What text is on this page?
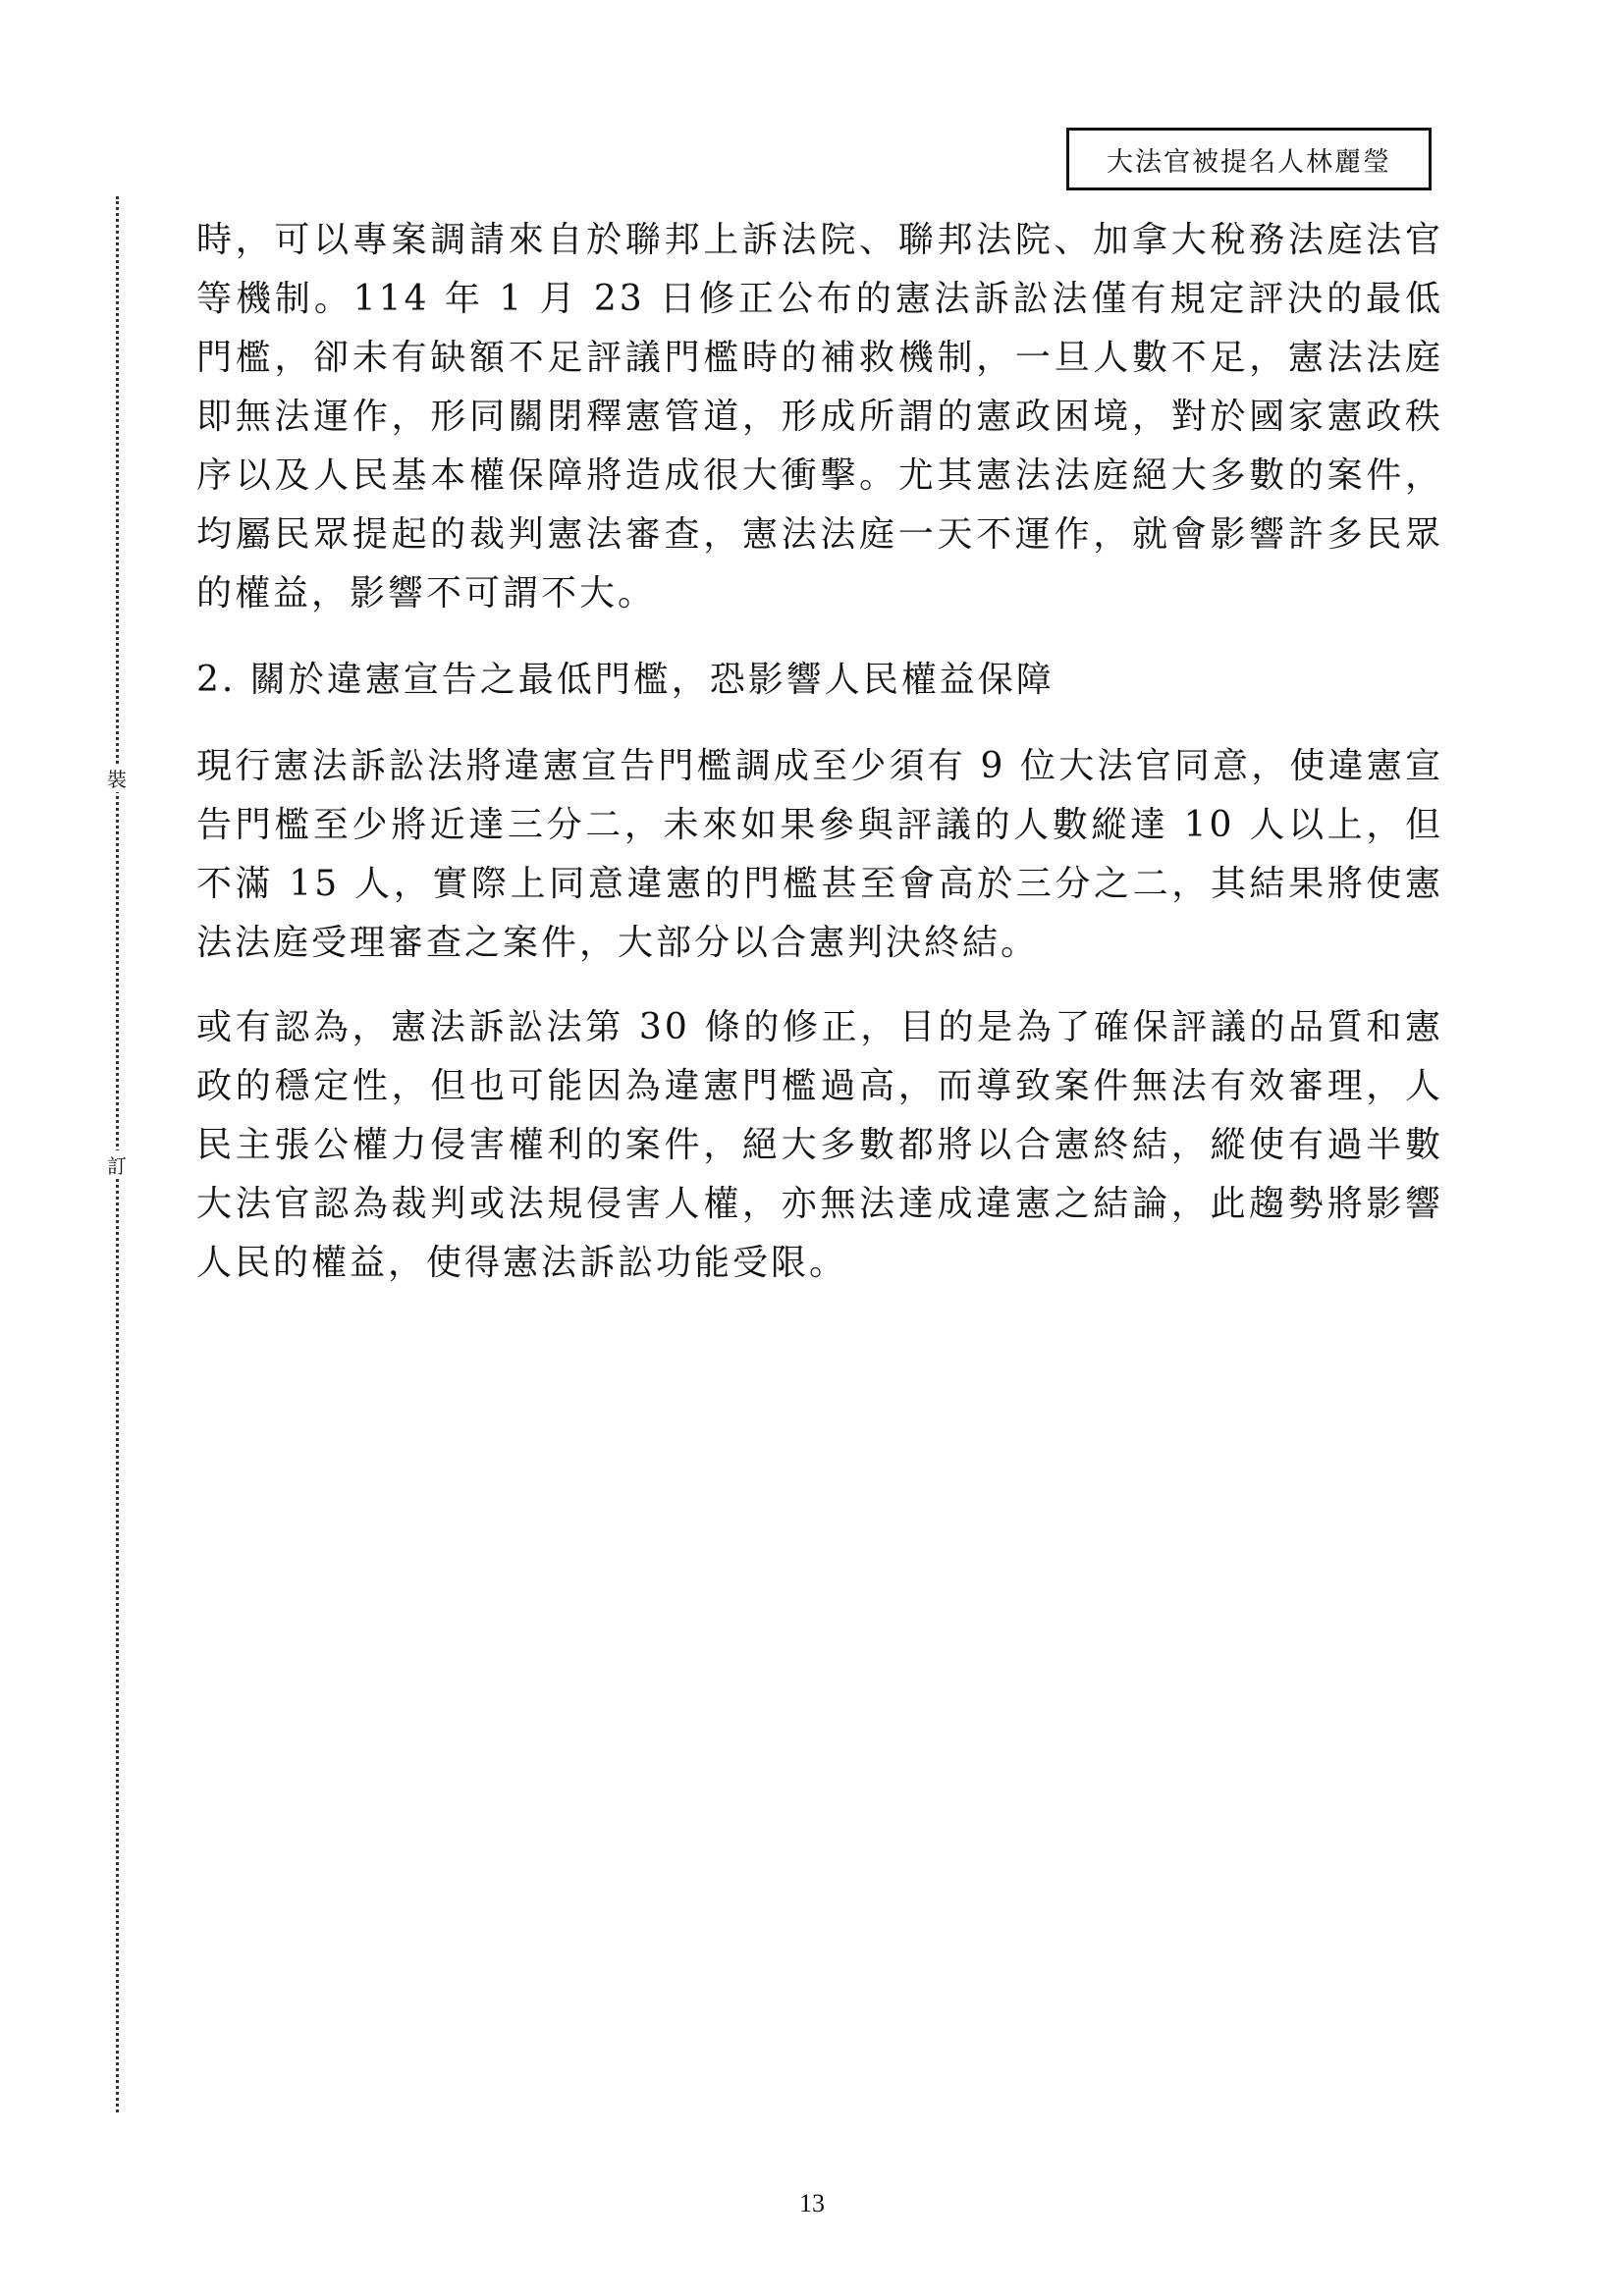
大法官被提名人林麗瑩
裝
訂

時，可以專案調請來自於聯邦上訴法院、聯邦法院、加拿大稅務法庭法官等機制。114 年 1 月 23 日修正公布的憲法訴訟法僅有規定評決的最低門檻，卻未有缺額不足評議門檻時的補救機制，一旦人數不足，憲法法庭即無法運作，形同關閉釋憲管道，形成所謂的憲政困境，對於國家憲政秩序以及人民基本權保障將造成很大衝擊。尤其憲法法庭絕大多數的案件，均屬民眾提起的裁判憲法審查，憲法法庭一天不運作，就會影響許多民眾的權益，影響不可謂不大。

2. 關於違憲宣告之最低門檻，恐影響人民權益保障

現行憲法訴訟法將違憲宣告門檻調成至少須有 9 位大法官同意，使違憲宣告門檻至少將近達三分二，未來如果參與評議的人數縱達 10 人以上，但不滿 15 人，實際上同意違憲的門檻甚至會高於三分之二，其結果將使憲法法庭受理審查之案件，大部分以合憲判決終結。

或有認為，憲法訴訟法第 30 條的修正，目的是為了確保評議的品質和憲政的穩定性，但也可能因為違憲門檻過高，而導致案件無法有效審理，人民主張公權力侵害權利的案件，絕大多數都將以合憲終結，縱使有過半數大法官認為裁判或法規侵害人權，亦無法達成違憲之結論，此趨勢將影響人民的權益，使得憲法訴訟功能受限。

13
